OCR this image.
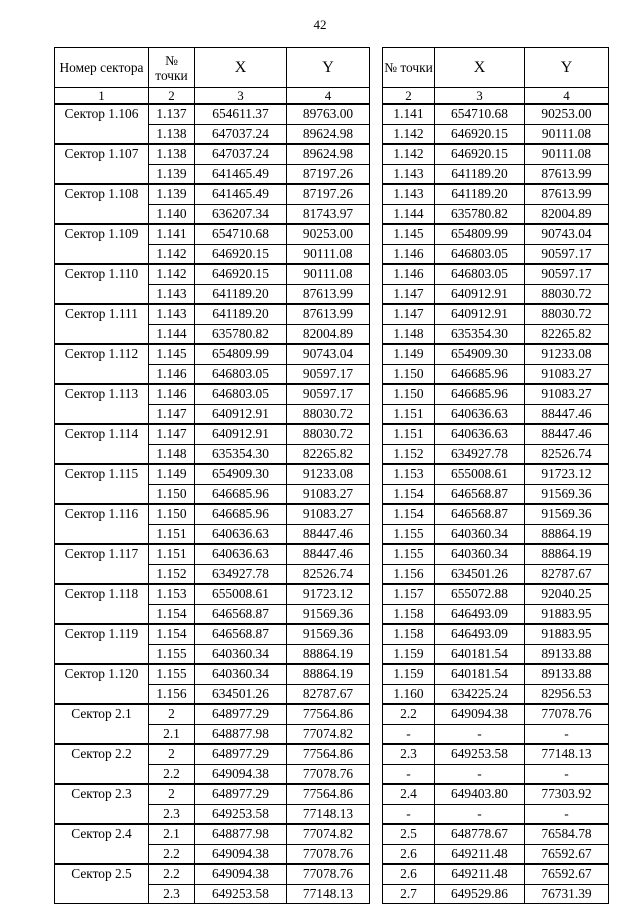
42
Номер сектора	№ точки	X	Y
1	2	3	4
Сектор 1.106	1.137	654611.37	89763.00
	1.138	647037.24	89624.98
Сектор 1.107	1.138	647037.24	89624.98
	1.139	641465.49	87197.26
Сектор 1.108	1.139	641465.49	87197.26
	1.140	636207.34	81743.97
Сектор 1.109	1.141	654710.68	90253.00
	1.142	646920.15	90111.08
Сектор 1.110	1.142	646920.15	90111.08
	1.143	641189.20	87613.99
Сектор 1.111	1.143	641189.20	87613.99
	1.144	635780.82	82004.89
Сектор 1.112	1.145	654809.99	90743.04
	1.146	646803.05	90597.17
Сектор 1.113	1.146	646803.05	90597.17
	1.147	640912.91	88030.72
Сектор 1.114	1.147	640912.91	88030.72
	1.148	635354.30	82265.82
Сектор 1.115	1.149	654909.30	91233.08
	1.150	646685.96	91083.27
Сектор 1.116	1.150	646685.96	91083.27
	1.151	640636.63	88447.46
Сектор 1.117	1.151	640636.63	88447.46
	1.152	634927.78	82526.74
Сектор 1.118	1.153	655008.61	91723.12
	1.154	646568.87	91569.36
Сектор 1.119	1.154	646568.87	91569.36
	1.155	640360.34	88864.19
Сектор 1.120	1.155	640360.34	88864.19
	1.156	634501.26	82787.67
Сектор 2.1	2	648977.29	77564.86
	2.1	648877.98	77074.82
Сектор 2.2	2	648977.29	77564.86
	2.2	649094.38	77078.76
Сектор 2.3	2	648977.29	77564.86
	2.3	649253.58	77148.13
Сектор 2.4	2.1	648877.98	77074.82
	2.2	649094.38	77078.76
Сектор 2.5	2.2	649094.38	77078.76
	2.3	649253.58	77148.13
№ точки	X	Y
2	3	4
1.141	654710.68	90253.00
1.142	646920.15	90111.08
1.142	646920.15	90111.08
1.143	641189.20	87613.99
1.143	641189.20	87613.99
1.144	635780.82	82004.89
1.145	654809.99	90743.04
1.146	646803.05	90597.17
1.146	646803.05	90597.17
1.147	640912.91	88030.72
1.147	640912.91	88030.72
1.148	635354.30	82265.82
1.149	654909.30	91233.08
1.150	646685.96	91083.27
1.150	646685.96	91083.27
1.151	640636.63	88447.46
1.151	640636.63	88447.46
1.152	634927.78	82526.74
1.153	655008.61	91723.12
1.154	646568.87	91569.36
1.154	646568.87	91569.36
1.155	640360.34	88864.19
1.155	640360.34	88864.19
1.156	634501.26	82787.67
1.157	655072.88	92040.25
1.158	646493.09	91883.95
1.158	646493.09	91883.95
1.159	640181.54	89133.88
1.159	640181.54	89133.88
1.160	634225.24	82956.53
2.2	649094.38	77078.76
-	-	-
2.3	649253.58	77148.13
-	-	-
2.4	649403.80	77303.92
-	-	-
2.5	648778.67	76584.78
2.6	649211.48	76592.67
2.6	649211.48	76592.67
2.7	649529.86	76731.39
